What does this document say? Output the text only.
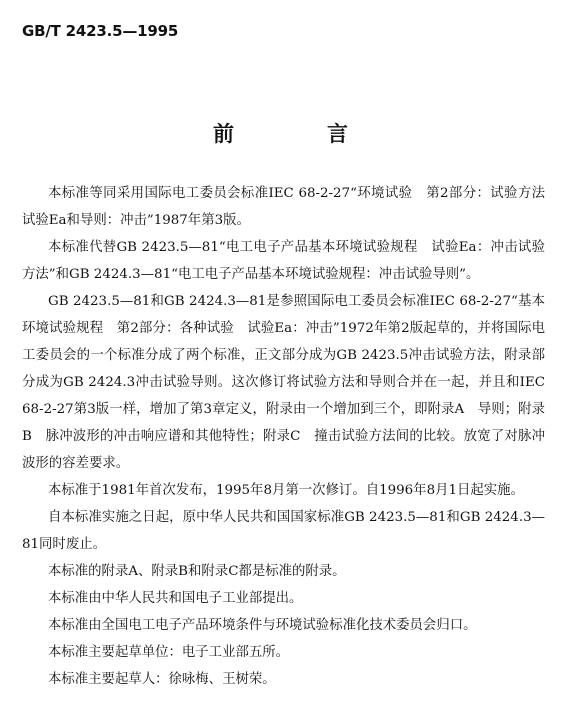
GB/T 2423.5—1995
前　言

本标准等同采用国际电工委员会标准IEC 68-2-27“环境试验　第2部分：试验方法　试验Ea和导则：冲击”1987年第3版。

本标准代替GB 2423.5—81“电工电子产品基本环境试验规程　试验Ea：冲击试验方法”和GB 2424.3—81“电工电子产品基本环境试验规程：冲击试验导则”。

GB 2423.5—81和GB 2424.3—81是参照国际电工委员会标准IEC 68-2-27“基本环境试验规程　第2部分：各种试验　试验Ea：冲击”1972年第2版起草的，并将国际电工委员会的一个标准分成了两个标准，正文部分成为GB 2423.5冲击试验方法，附录部分成为GB 2424.3冲击试验导则。这次修订将试验方法和导则合并在一起，并且和IEC 68-2-27第3版一样，增加了第3章定义，附录由一个增加到三个，即附录A　导则；附录B　脉冲波形的冲击响应谱和其他特性；附录C　撞击试验方法间的比较。放宽了对脉冲波形的容差要求。

本标准于1981年首次发布，1995年8月第一次修订。自1996年8月1日起实施。

自本标准实施之日起，原中华人民共和国国家标准GB 2423.5—81和GB 2424.3—81同时废止。

本标准的附录A、附录B和附录C都是标准的附录。

本标准由中华人民共和国电子工业部提出。

本标准由全国电工电子产品环境条件与环境试验标准化技术委员会归口。

本标准主要起草单位：电子工业部五所。

本标准主要起草人：徐咏梅、王树荣。
